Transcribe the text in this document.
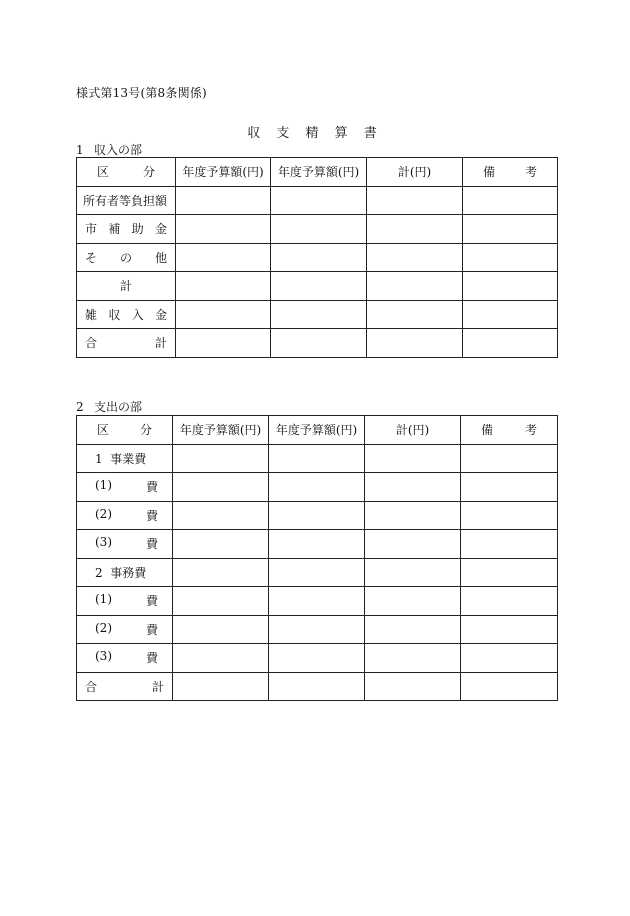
様式第13号(第8条関係)
収 支 精 算 書
1 収入の部
区 分	年度予算額(円)	年度予算額(円)	計(円)	備 考

所有者等負担額				

市 補 助 金				

そ の 他				

計				

雑 収 入 金				

合 計				

2 支出の部
区 分	年度予算額(円)	年度予算額(円)	計(円)	備 考

1 事業費				

(1) 費				

(2) 費				

(3) 費				

2 事務費				

(1) 費				

(2) 費				

(3) 費				

合 計				
